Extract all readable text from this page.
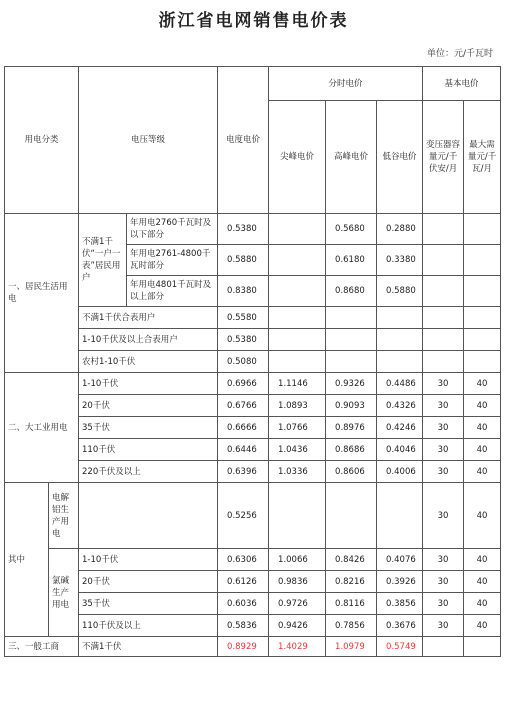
浙江省电网销售电价表
单位：元/千瓦时
用电分类		电压等级		电度电价	分时电价			基本电价	
					尖峰电价	高峰电价	低谷电价	变压器容量元/千伏安/月	最大需量元/千瓦/月
一、居民生活用电		不满1千伏“一户一表”居民用户	年用电2760千瓦时及以下部分	0.5380		0.5680	0.2880		
			年用电2761-4800千瓦时部分	0.5880		0.6180	0.3380		
			年用电4801千瓦时及以上部分	0.8380		0.8680	0.5880		
		不满1千伏合表用户		0.5580					
		1-10千伏及以上合表用户		0.5380					
		农村1-10千伏		0.5080					
二、大工业用电		1-10千伏		0.6966	1.1146	0.9326	0.4486	30	40
		20千伏		0.6766	1.0893	0.9093	0.4326	30	40
		35千伏		0.6666	1.0766	0.8976	0.4246	30	40
		110千伏		0.6446	1.0436	0.8686	0.4046	30	40
		220千伏及以上		0.6396	1.0336	0.8606	0.4006	30	40
其中	电解铝生产用电			0.5256				30	40
	氯碱生产用电	1-10千伏		0.6306	1.0066	0.8426	0.4076	30	40
		20千伏		0.6126	0.9836	0.8216	0.3926	30	40
		35千伏		0.6036	0.9726	0.8116	0.3856	30	40
		110千伏及以上		0.5836	0.9426	0.7856	0.3676	30	40
三、一般工商		不满1千伏		0.8929	1.4029	1.0979	0.5749		
